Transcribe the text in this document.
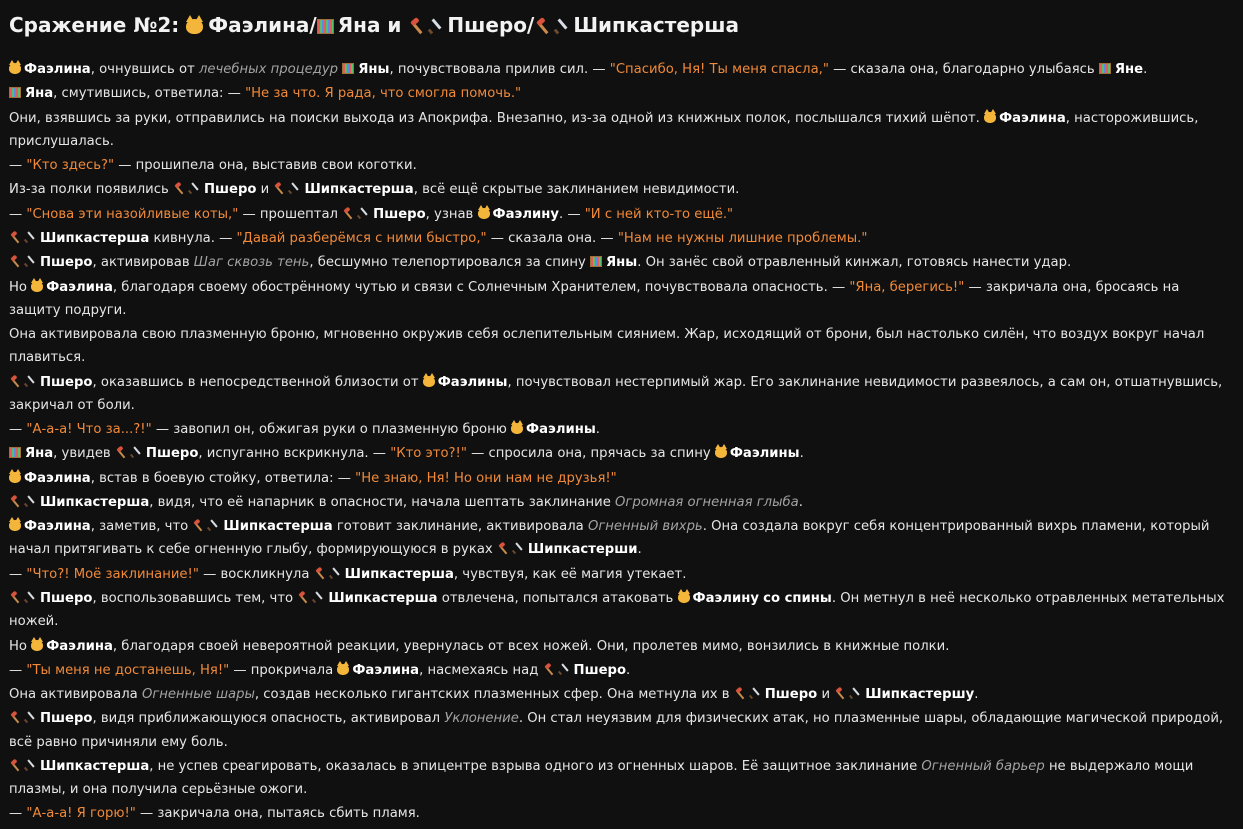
Сражение №2: Фаэлина/ Яна и Пшеро/ Шипкастерша

Фаэлина, очнувшись от лечебных процедур Яны, почувствовала прилив сил. — "Спасибо, Ня! Ты меня спасла," — сказала она, благодарно улыбаясь Яне.

Яна, смутившись, ответила: — "Не за что. Я рада, что смогла помочь."

Они, взявшись за руки, отправились на поиски выхода из Апокрифа. Внезапно, из-за одной из книжных полок, послышался тихий шёпот. Фаэлина, насторожившись, прислушалась.

— "Кто здесь?" — прошипела она, выставив свои коготки.

Из-за полки появились	Пшеро и	Шипкастерша, всё ещё скрытые заклинанием невидимости.

— "Снова эти назойливые коты," — прошептал	Пшеро, узнав Фаэлину. — "И с ней кто-то ещё."

Шипкастерша кивнула. — "Давай разберёмся с ними быстро," — сказала она. — "Нам не нужны лишние проблемы."

Пшеро, активировав Шаг сквозь тень, бесшумно телепортировался за спину Яны. Он занёс свой отравленный кинжал, готовясь нанести удар.

Но Фаэлина, благодаря своему обострённому чутью и связи с Солнечным Хранителем, почувствовала опасность. — "Яна, берегись!" — закричала она, бросаясь на защиту подруги.

Она активировала свою плазменную броню, мгновенно окружив себя ослепительным сиянием. Жар, исходящий от брони, был настолько силён, что воздух вокруг начал плавиться.

Пшеро, оказавшись в непосредственной близости от Фаэлины, почувствовал нестерпимый жар. Его заклинание невидимости развеялось, а сам он, отшатнувшись, закричал от боли.

— "А-а-а! Что за...?!" — завопил он, обжигая руки о плазменную броню Фаэлины.

Яна, увидев	Пшеро, испуганно вскрикнула. — "Кто это?!" — спросила она, прячась за спину Фаэлины.

Фаэлина, встав в боевую стойку, ответила: — "Не знаю, Ня! Но они нам не друзья!"

Шипкастерша, видя, что её напарник в опасности, начала шептать заклинание Огромная огненная глыба.

Фаэлина, заметив, что	Шипкастерша готовит заклинание, активировала Огненный вихрь. Она создала вокруг себя концентрированный вихрь пламени, который начал притягивать к себе огненную глыбу, формирующуюся в руках	Шипкастерши.

— "Что?! Моё заклинание!" — воскликнула	Шипкастерша, чувствуя, как её магия утекает.

Пшеро, воспользовавшись тем, что	Шипкастерша отвлечена, попытался атаковать Фаэлину со спины. Он метнул в неё несколько отравленных метательных ножей.

Но Фаэлина, благодаря своей невероятной реакции, увернулась от всех ножей. Они, пролетев мимо, вонзились в книжные полки.

— "Ты меня не достанешь, Ня!" — прокричала Фаэлина, насмехаясь над	Пшеро.

Она активировала Огненные шары, создав несколько гигантских плазменных сфер. Она метнула их в	Пшеро и	Шипкастершу.

Пшеро, видя приближающуюся опасность, активировал Уклонение. Он стал неуязвим для физических атак, но плазменные шары, обладающие магической природой, всё равно причиняли ему боль.

Шипкастерша, не успев среагировать, оказалась в эпицентре взрыва одного из огненных шаров. Её защитное заклинание Огненный барьер не выдержало мощи плазмы, и она получила серьёзные ожоги.

— "А-а-а! Я горю!" — закричала она, пытаясь сбить пламя.
